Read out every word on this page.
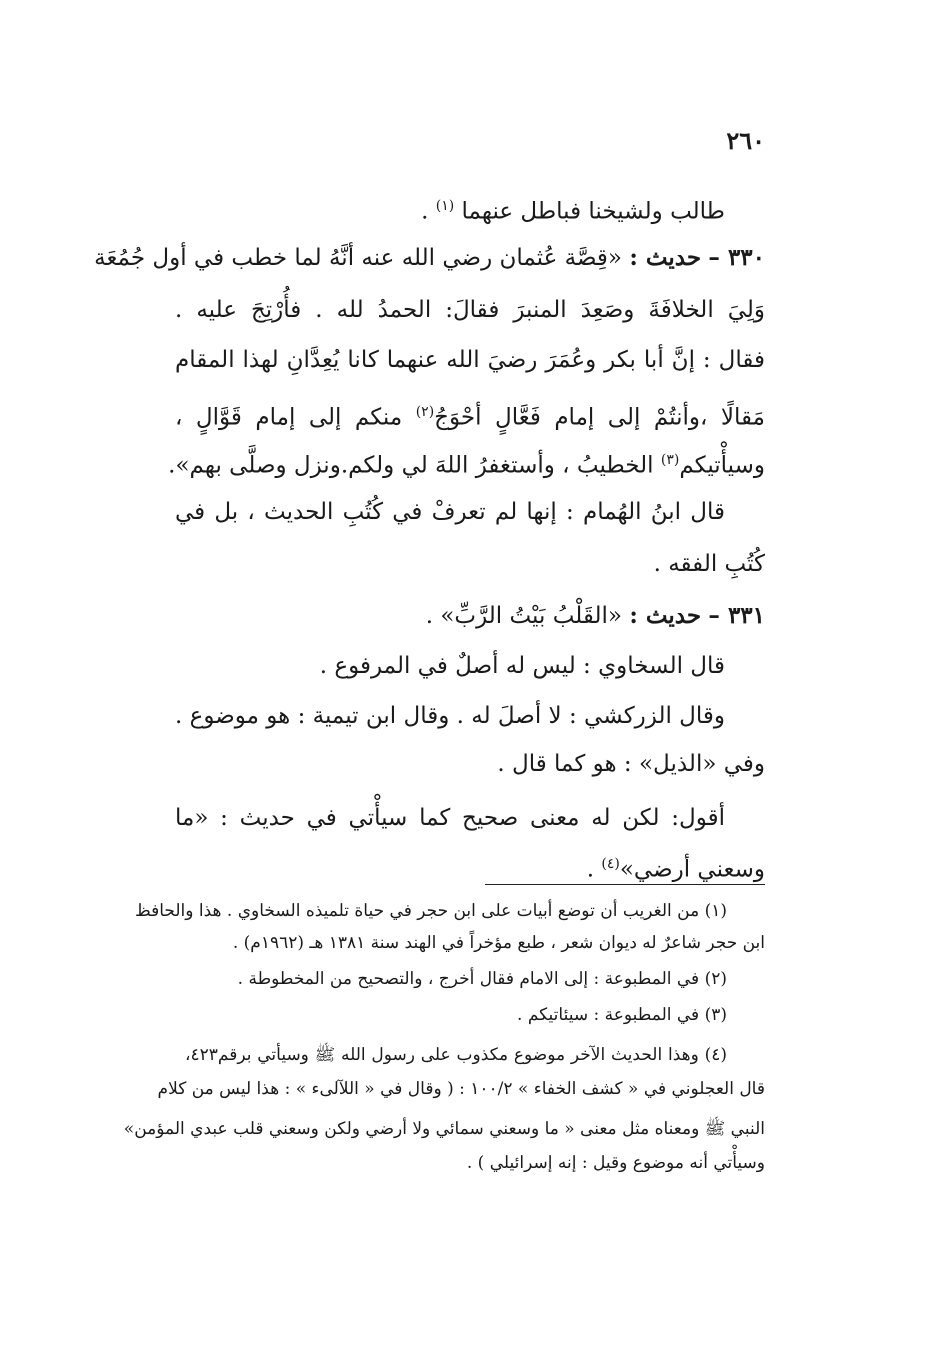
٢٦٠
طالب ولشيخنا فباطل عنهما $^{(١)}$ .
٣٣٠ – حديث : «قِصَّة عُثمان رضي الله عنه أنَّهُ لما خطب في أول جُمُعَة
وَلِيَ الخلافَةَ وصَعِدَ المنبرَ فقالَ: الحمدُ لله . فأُرْتِجَ عليه .
فقال : إنَّ أبا بكر وعُمَرَ رضيَ الله عنهما كانا يُعِدَّانِ لهذا المقام
مَقالًا ،وأنتُمْ إلى إمام فَعَّالٍ أحْوَجُ$^{(٢)}$ منكم إلى إمام قَوَّالٍ ،
وسيأْتيكم$^{(٣)}$ الخطيبُ ، وأستغفرُ اللهَ لي ولكم.ونزل وصلَّى بهم».
قال ابنُ الهُمام : إنها لم تعرفْ في كُتُبِ الحديث ، بل في
كُتُبِ الفقه .
٣٣١ – حديث : «القَلْبُ بَيْتُ الرَّبِّ» .
قال السخاوي : ليس له أصلٌ في المرفوع .
وقال الزركشي : لا أصلَ له . وقال ابن تيمية : هو موضوع .
وفي «الذيل» : هو كما قال .
أقول: لكن له معنى صحيح كما سيأْتي في حديث : «ما
وسعني أرضي»$^{(٤)}$ .
(١) من الغريب أن توضع أبيات على ابن حجر في حياة تلميذه السخاوي . هذا والحافظ
ابن حجر شاعرٌ له ديوان شعر ، طبع مؤخراً في الهند سنة ١٣٨١ هـ (١٩٦٢م) .
(٢) في المطبوعة : إلى الامام فقال أخرج ، والتصحيح من المخطوطة .
(٣) في المطبوعة : سيئاتيكم .
(٤) وهذا الحديث الآخر موضوع مكذوب على رسول الله ﷺ وسيأتي برقم٤٢٣،
قال العجلوني في « كشف الخفاء » ١٠٠/٢ : ( وقال في « اللآلىء » : هذا ليس من كلام
النبي ﷺ ومعناه مثل معنى « ما وسعني سمائي ولا أرضي ولكن وسعني قلب عبدي المؤمن»
وسيأْتي أنه موضوع وقيل : إنه إسرائيلي ) .
